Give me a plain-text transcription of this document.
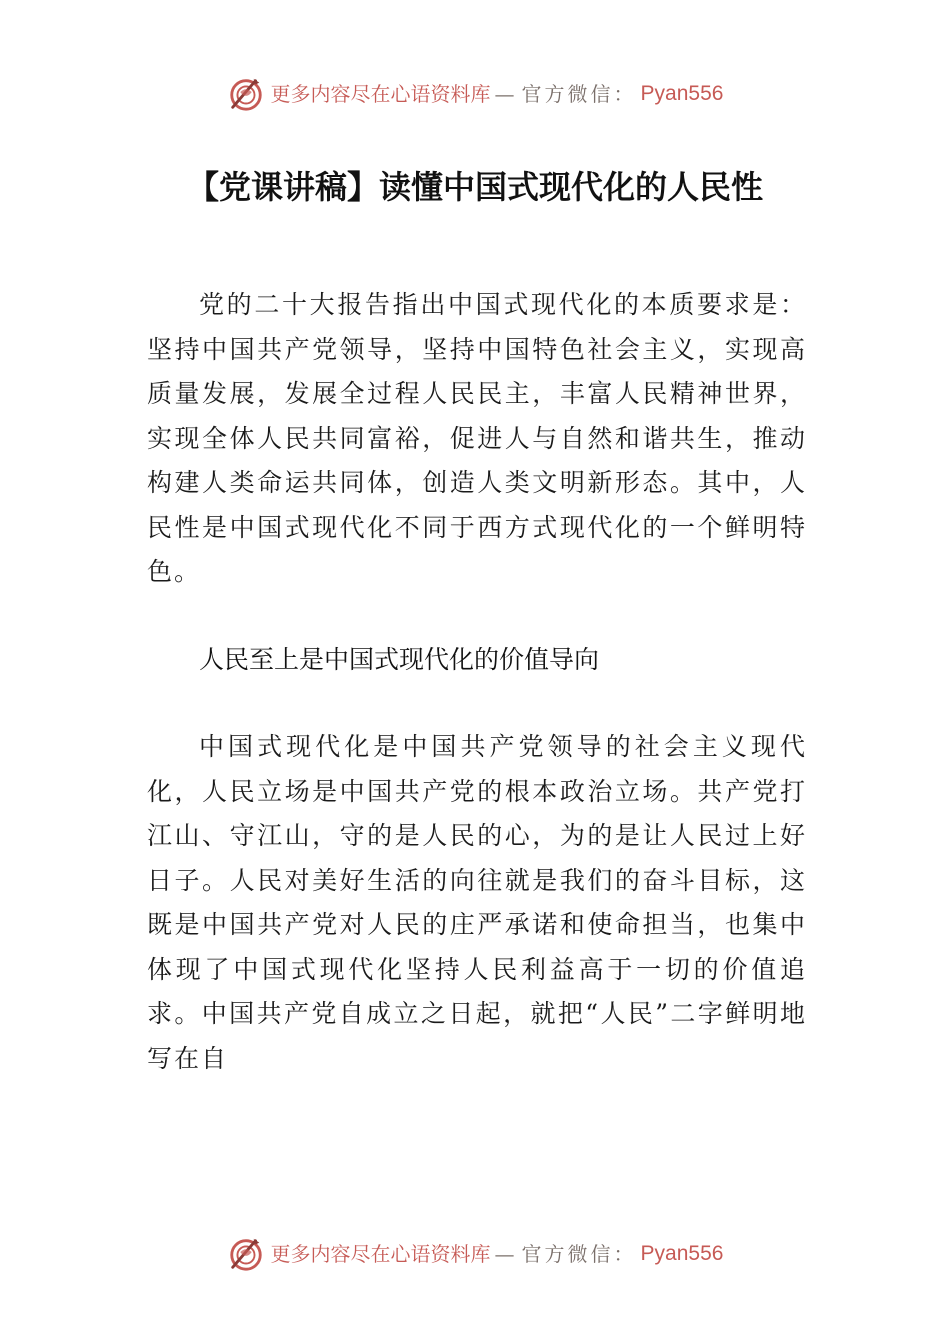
更多内容尽在心语资料库 — 官方微信： Pyan556
【党课讲稿】读懂中国式现代化的人民性

党的二十大报告指出中国式现代化的本质要求是：坚持中国共产党领导，坚持中国特色社会主义，实现高质量发展，发展全过程人民民主，丰富人民精神世界，实现全体人民共同富裕，促进人与自然和谐共生，推动构建人类命运共同体，创造人类文明新形态。其中，人民性是中国式现代化不同于西方式现代化的一个鲜明特色。

人民至上是中国式现代化的价值导向

中国式现代化是中国共产党领导的社会主义现代化，人民立场是中国共产党的根本政治立场。共产党打江山、守江山，守的是人民的心，为的是让人民过上好日子。人民对美好生活的向往就是我们的奋斗目标，这既是中国共产党对人民的庄严承诺和使命担当，也集中体现了中国式现代化坚持人民利益高于一切的价值追求。中国共产党自成立之日起，就把“人民”二字鲜明地写在自

更多内容尽在心语资料库 — 官方微信： Pyan556
